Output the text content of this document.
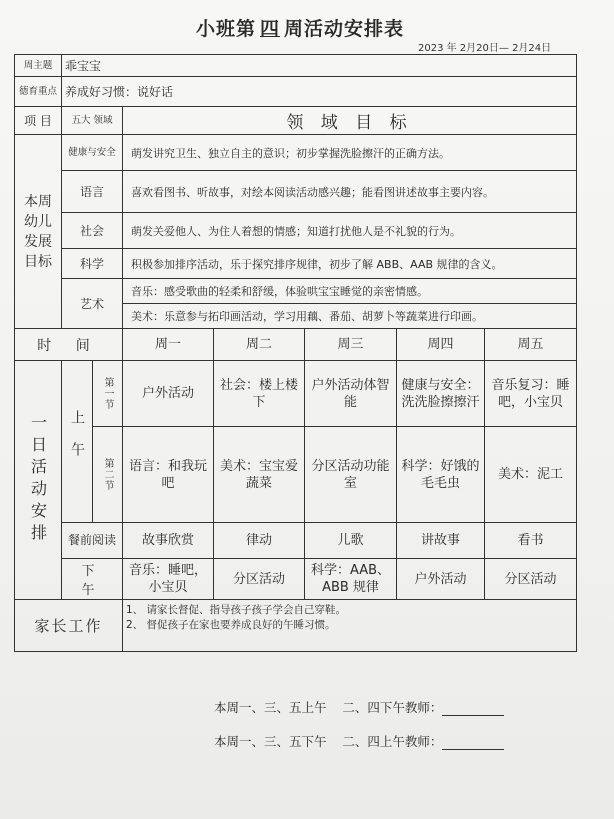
小班第 四 周活动安排表
2023 年 2月20日— 2月24日
周主题	乖宝宝						
德育重点	养成好习惯：说好话						
项 目	五大 领域		领 域 目 标				
本周幼儿发展目标	健康与安全		萌发讲究卫生、独立自主的意识；初步掌握洗脸擦汗的正确方法。				
	语言		喜欢看图书、听故事，对绘本阅读活动感兴趣；能看图讲述故事主要内容。				
	社会		萌发关爱他人、为住人着想的情感；知道打扰他人是不礼貌的行为。				
	科学		积极参加排序活动，乐于探究排序规律，初步了解 ABB、AAB 规律的含义。				
	艺术		音乐：感受歌曲的轻柔和舒缓，体验哄宝宝睡觉的亲密情感。				
			美术：乐意参与拓印画活动，学习用藕、番茄、胡萝卜等蔬菜进行印画。				
时 间			周一	周二	周三	周四	周五

一日活动安排	上午	第一节	户外活动	社会：楼上楼下	户外活动体智能	健康与安全：洗洗脸擦擦汗	音乐复习：睡吧，小宝贝

		第二节	语言：和我玩吧	美术：宝宝爱蔬菜	分区活动功能室	科学：好饿的毛毛虫	美术：泥工
	餐前阅读		故事欣赏	律动	儿歌	讲故事	看书
	下 午		音乐：睡吧，小宝贝	分区活动	科学：AAB、ABB 规律	户外活动	分区活动
家长工作			1、 请家长督促、指导孩子孩子学会自己穿鞋。
2、 督促孩子在家也要养成良好的午睡习惯。				
本周一、三、五上午    二、四下午教师：
本周一、三、五下午    二、四上午教师：
